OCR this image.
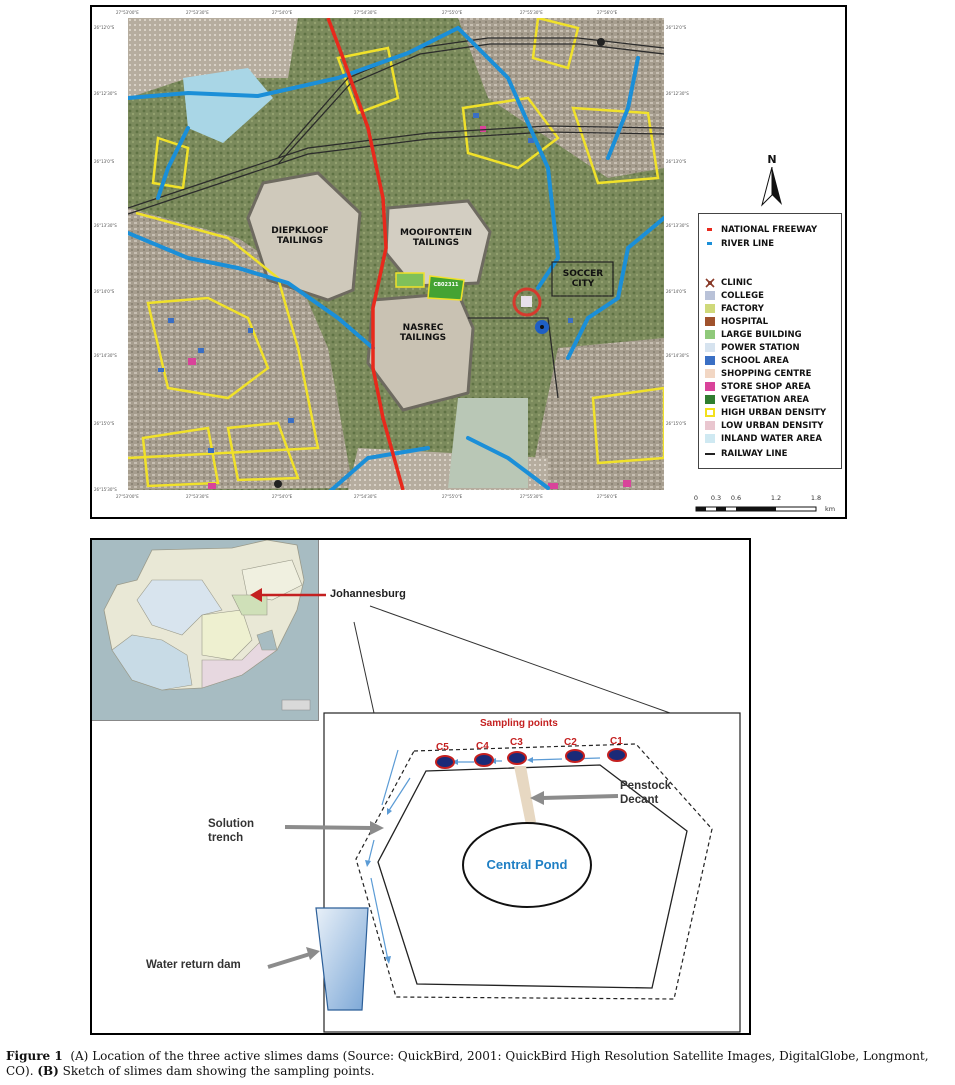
27°53'00"E	27°53'30"E	27°54'0"E	27°54'30"E	27°55'0"E	27°55'30"E	27°56'0"E
27°53'00"E	27°53'30"E	27°54'0"E	27°54'30"E	27°55'0"E	27°55'30"E	27°56'0"E
26°12'0"S
26°12'30"S
26°13'0"S
26°13'30"S
26°14'0"S
26°14'30"S
26°15'0"S
26°15'30"S
26°12'0"S
26°12'30"S
26°13'0"S
26°13'30"S
26°14'0"S
26°14'30"S
26°15'0"S
DIEPKLOOF
TAILINGS
MOOIFONTEIN
TAILINGS
NASREC
TAILINGS
SOCCER
CITY
CB02311
N
NATIONAL FREEWAY
RIVER LINE
CLINIC
COLLEGE
FACTORY
HOSPITAL
LARGE BUILDING
POWER STATION
SCHOOL AREA
SHOPPING CENTRE
STORE SHOP AREA
VEGETATION AREA
HIGH URBAN DENSITY
LOW URBAN DENSITY
INLAND WATER AREA
RAILWAY LINE
0 0.3 0.6	1.2	1.8
km
Johannesburg
Sampling points
C5	C4 C3	C2	C1
Penstock
Decant
Solution
trench
Central Pond
Water return dam
Figure 1 (A) Location of the three active slimes dams (Source: QuickBird, 2001: QuickBird High Resolution Satellite Images, DigitalGlobe, Longmont, CO). (B) Sketch of slimes dam showing the sampling points.
